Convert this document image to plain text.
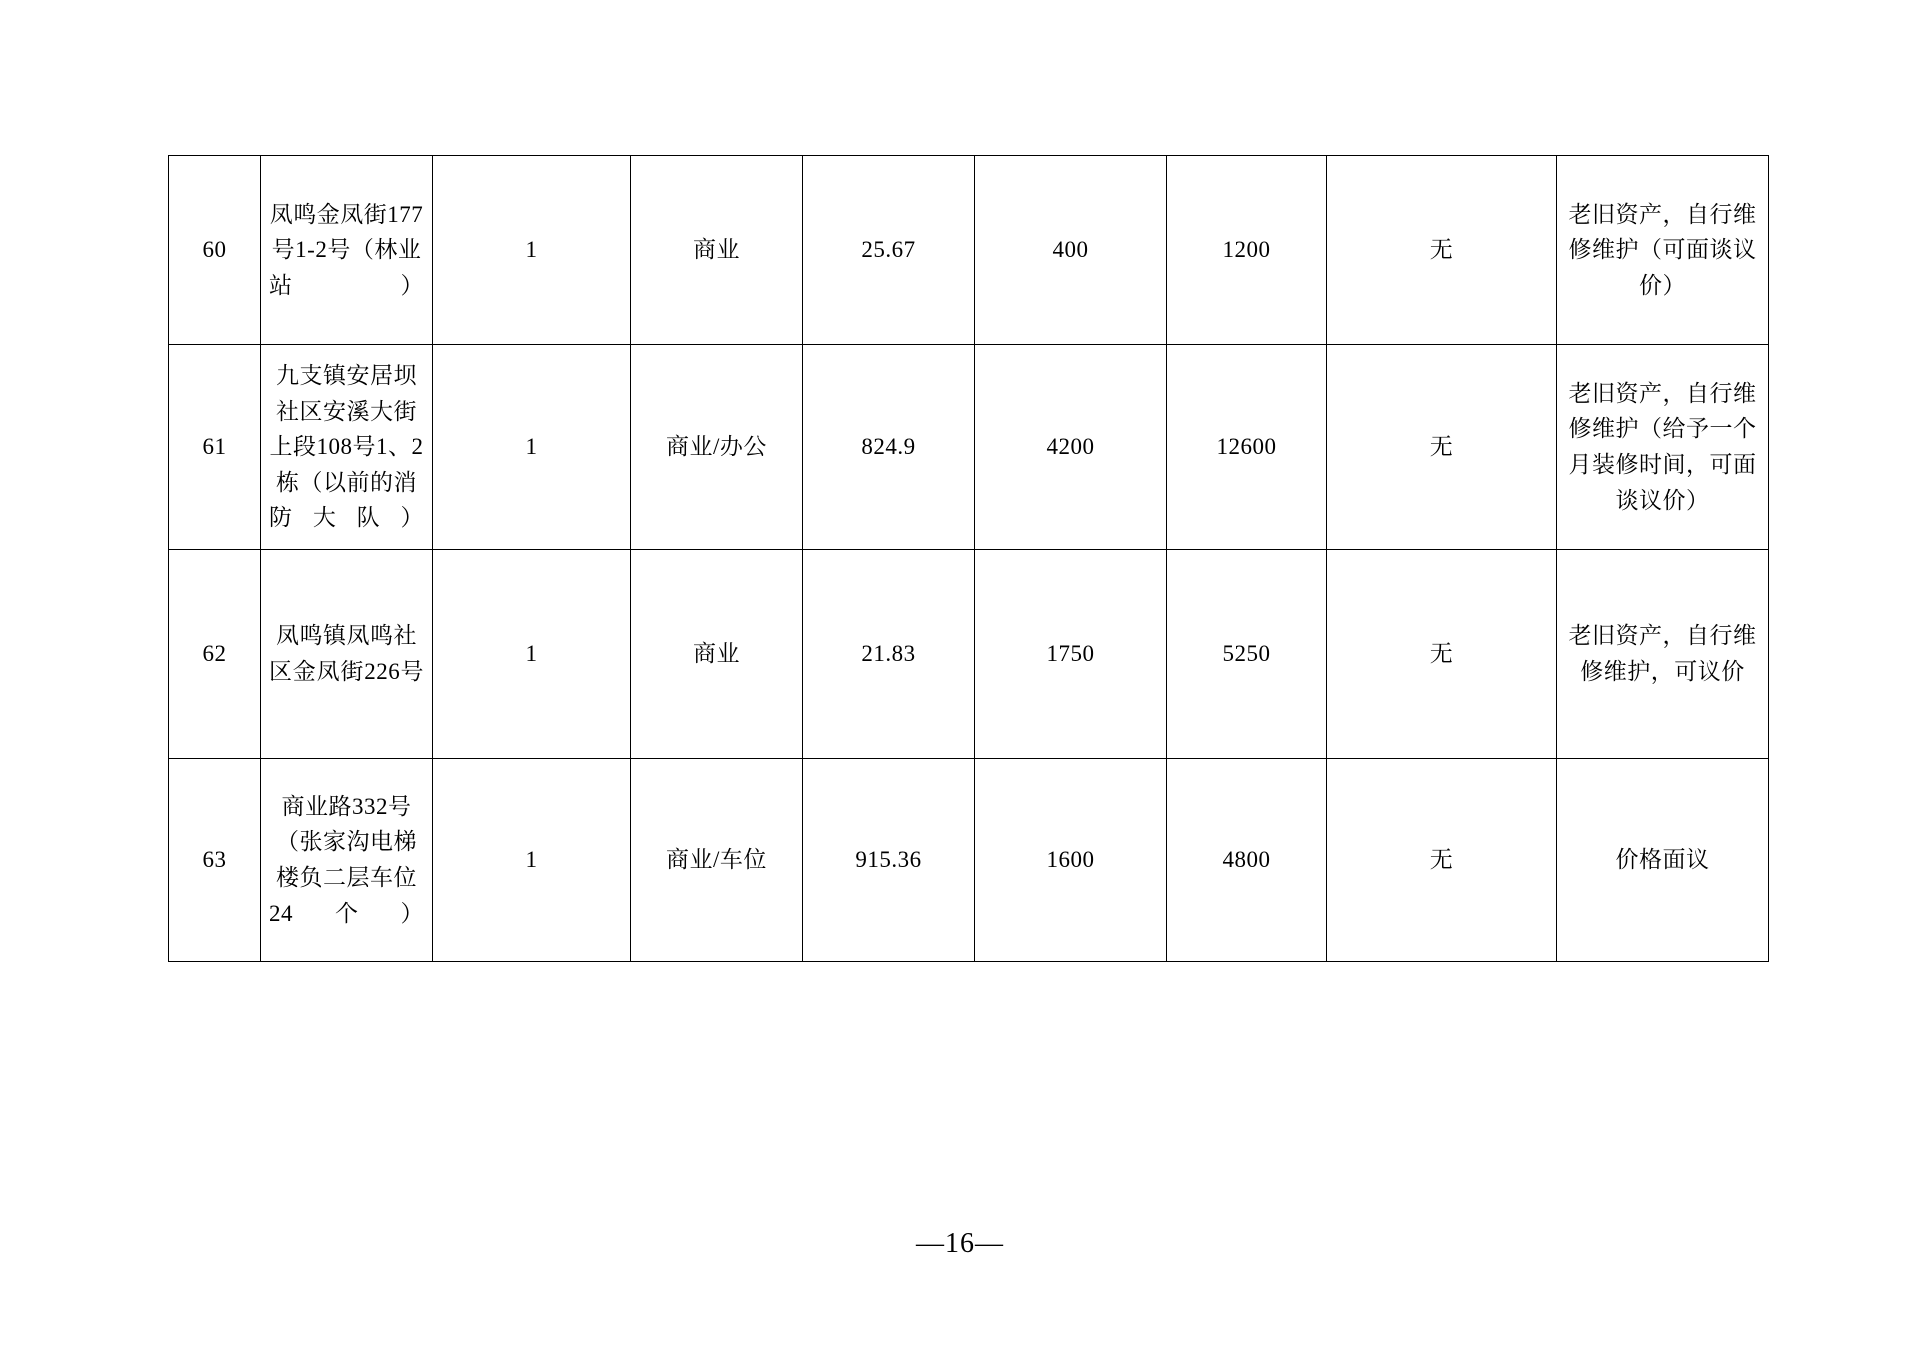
60	凤鸣金凤街177号1-2号（林业站）	1	商业	25.67	400	1200	无	老旧资产，自行维修维护（可面谈议价）
61	九支镇安居坝社区安溪大街上段108号1、2栋（以前的消防大队）	1	商业/办公	824.9	4200	12600	无	老旧资产，自行维修维护（给予一个月装修时间，可面谈议价）
62	凤鸣镇凤鸣社区金凤街226号	1	商业	21.83	1750	5250	无	老旧资产，自行维修维护，可议价
63	商业路332号（张家沟电梯楼负二层车位24个）	1	商业/车位	915.36	1600	4800	无	价格面议
—16—
